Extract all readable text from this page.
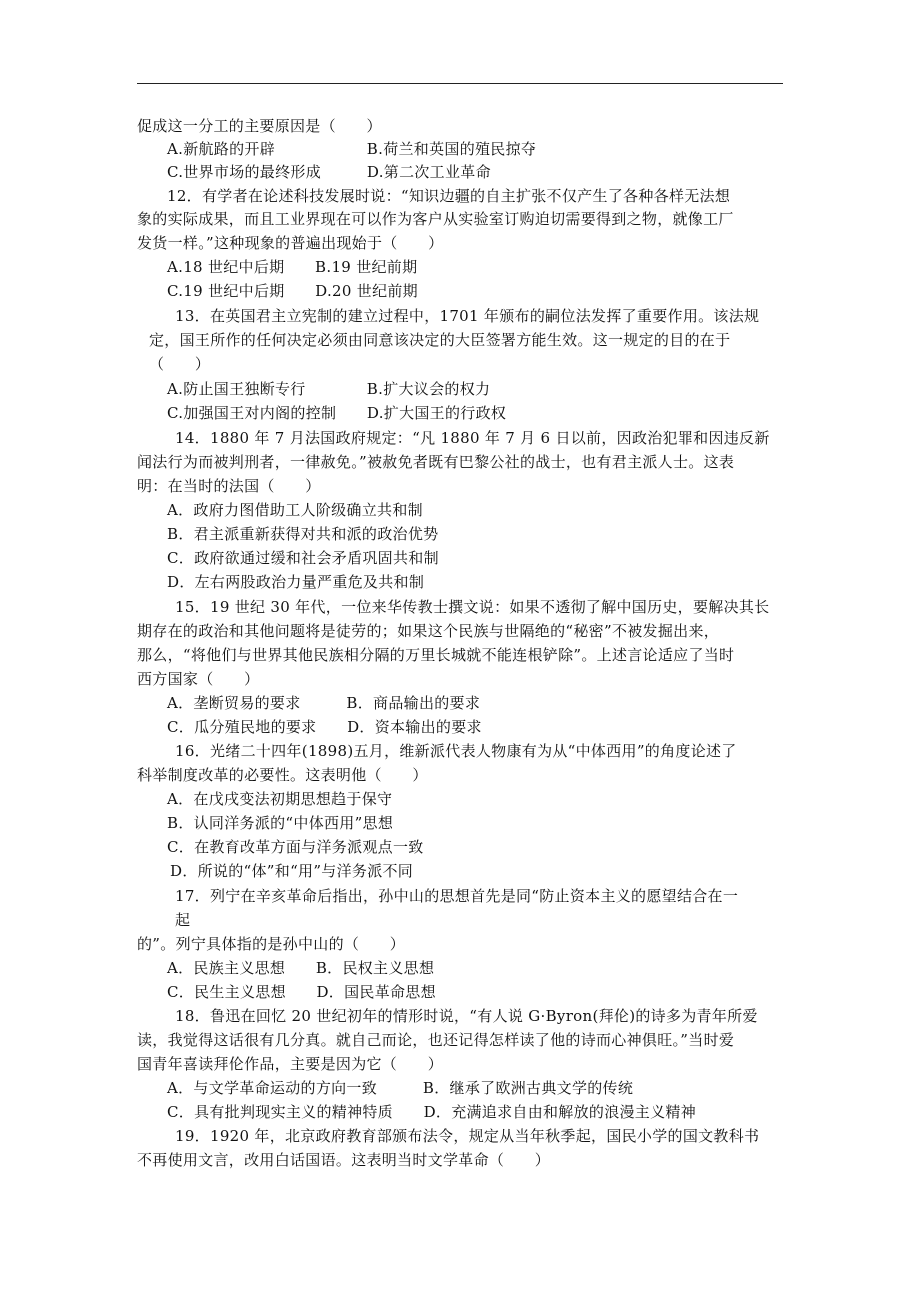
促成这一分工的主要原因是（　　）
A.新航路的开辟　　　　　　B.荷兰和英国的殖民掠夺
C.世界市场的最终形成　　　D.第二次工业革命
12．有学者在论述科技发展时说：“知识边疆的自主扩张不仅产生了各种各样无法想
象的实际成果，而且工业界现在可以作为客户从实验室订购迫切需要得到之物，就像工厂
发货一样。”这种现象的普遍出现始于（　　）
A.18 世纪中后期　　B.19 世纪前期
C.19 世纪中后期　　D.20 世纪前期
13．在英国君主立宪制的建立过程中，1701 年颁布的嗣位法发挥了重要作用。该法规
定，国王所作的任何决定必须由同意该决定的大臣签署方能生效。这一规定的目的在于
（　　）
A.防止国王独断专行　　　　B.扩大议会的权力
C.加强国王对内阁的控制　　D.扩大国王的行政权
14．1880 年 7 月法国政府规定：“凡 1880 年 7 月 6 日以前，因政治犯罪和因违反新
闻法行为而被判刑者，一律赦免。”被赦免者既有巴黎公社的战士，也有君主派人士。这表
明：在当时的法国（　　）
A．政府力图借助工人阶级确立共和制
B．君主派重新获得对共和派的政治优势
C．政府欲通过缓和社会矛盾巩固共和制
D．左右两股政治力量严重危及共和制
15．19 世纪 30 年代，一位来华传教士撰文说：如果不透彻了解中国历史，要解决其长
期存在的政治和其他问题将是徒劳的；如果这个民族与世隔绝的“秘密”不被发掘出来，
那么，“将他们与世界其他民族相分隔的万里长城就不能连根铲除”。上述言论适应了当时
西方国家（　　）
A．垄断贸易的要求　　　B．商品输出的要求
C．瓜分殖民地的要求　　D．资本输出的要求
16．光绪二十四年(1898)五月，维新派代表人物康有为从“中体西用”的角度论述了
科举制度改革的必要性。这表明他（　　）
A．在戊戌变法初期思想趋于保守
B．认同洋务派的“中体西用”思想
C．在教育改革方面与洋务派观点一致
D．所说的“体”和“用”与洋务派不同
17．列宁在辛亥革命后指出，孙中山的思想首先是同“防止资本主义的愿望结合在一
起
的”。列宁具体指的是孙中山的（　　）
A．民族主义思想　　B．民权主义思想
C．民生主义思想　　D．国民革命思想
18．鲁迅在回忆 20 世纪初年的情形时说，“有人说 G·Byron(拜伦)的诗多为青年所爱
读，我觉得这话很有几分真。就自己而论，也还记得怎样读了他的诗而心神俱旺。”当时爱
国青年喜读拜伦作品，主要是因为它（　　）
A．与文学革命运动的方向一致　　　B．继承了欧洲古典文学的传统
C．具有批判现实主义的精神特质　　D．充满追求自由和解放的浪漫主义精神
19．1920 年，北京政府教育部颁布法令，规定从当年秋季起，国民小学的国文教科书
不再使用文言，改用白话国语。这表明当时文学革命（　　）
